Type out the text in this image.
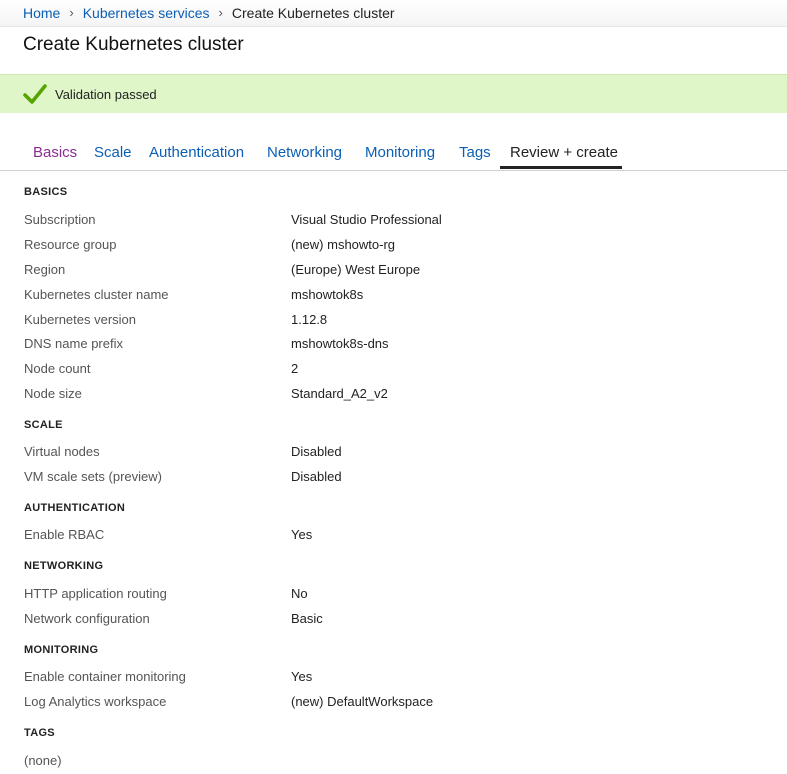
Home › Kubernetes services › Create Kubernetes cluster
Create Kubernetes cluster
Validation passed
Basics Scale Authentication Networking Monitoring Tags Review + create
BASICS
Subscription	Visual Studio Professional
Resource group	(new) mshowto-rg
Region	(Europe) West Europe
Kubernetes cluster name	mshowtok8s
Kubernetes version	1.12.8
DNS name prefix	mshowtok8s-dns
Node count	2
Node size	Standard_A2_v2
SCALE
Virtual nodes	Disabled
VM scale sets (preview)	Disabled
AUTHENTICATION
Enable RBAC	Yes
NETWORKING
HTTP application routing	No
Network configuration	Basic
MONITORING
Enable container monitoring	Yes
Log Analytics workspace	(new) DefaultWorkspace
TAGS
(none)
